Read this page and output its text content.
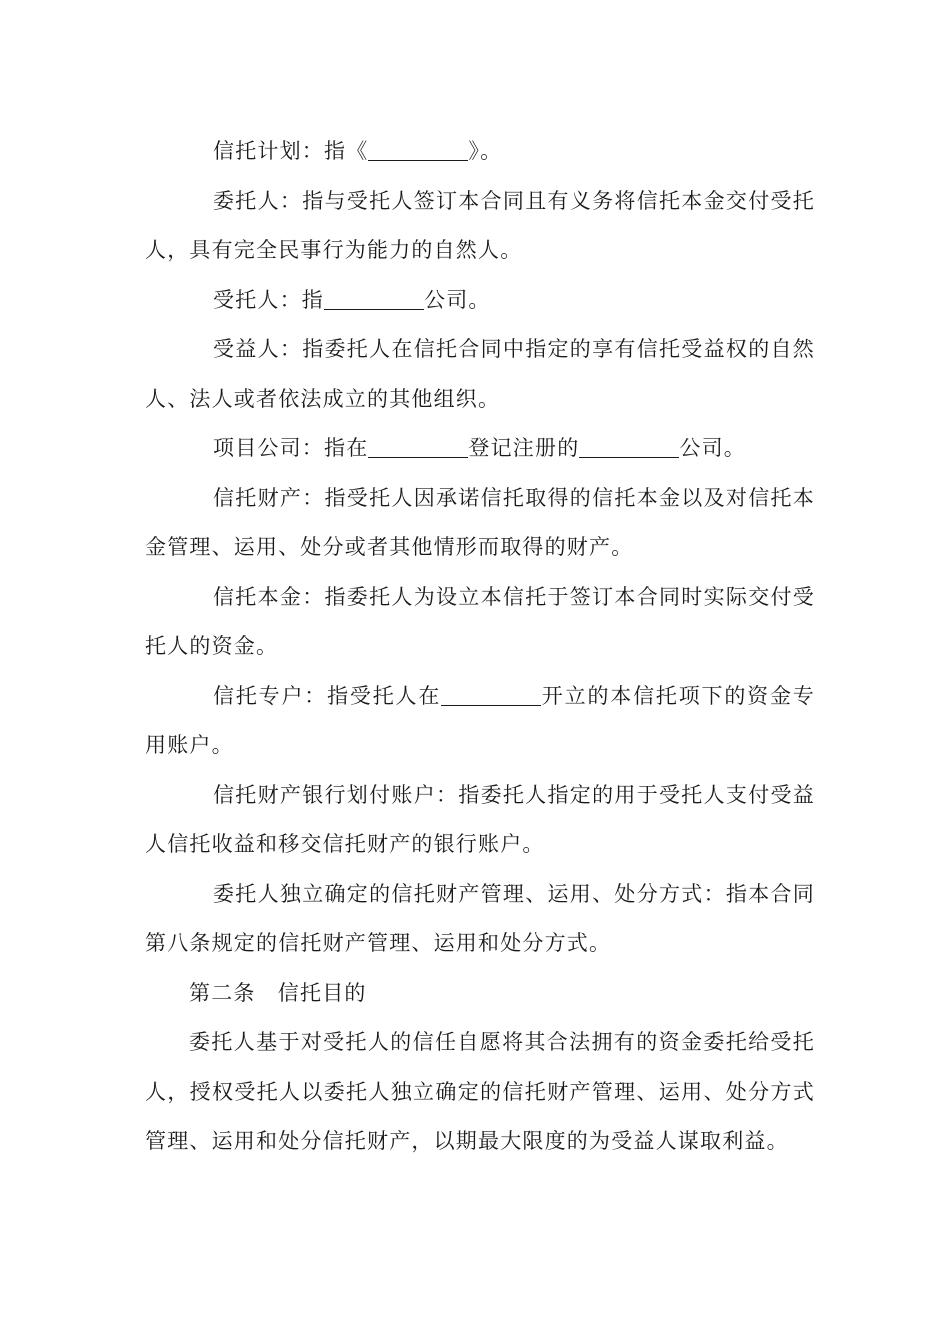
信托计划：指《	》。

委托人：指与受托人签订本合同且有义务将信托本金交付受托人，具有完全民事行为能力的自然人。

受托人：指	公司。

受益人：指委托人在信托合同中指定的享有信托受益权的自然人、法人或者依法成立的其他组织。

项目公司：指在	登记注册的	公司。

信托财产：指受托人因承诺信托取得的信托本金以及对信托本金管理、运用、处分或者其他情形而取得的财产。

信托本金：指委托人为设立本信托于签订本合同时实际交付受托人的资金。

信托专户：指受托人在	开立的本信托项下的资金专用账户。

信托财产银行划付账户：指委托人指定的用于受托人支付受益人信托收益和移交信托财产的银行账户。

委托人独立确定的信托财产管理、运用、处分方式：指本合同第八条规定的信托财产管理、运用和处分方式。

第二条　信托目的

委托人基于对受托人的信任自愿将其合法拥有的资金委托给受托人，授权受托人以委托人独立确定的信托财产管理、运用、处分方式管理、运用和处分信托财产，以期最大限度的为受益人谋取利益。
